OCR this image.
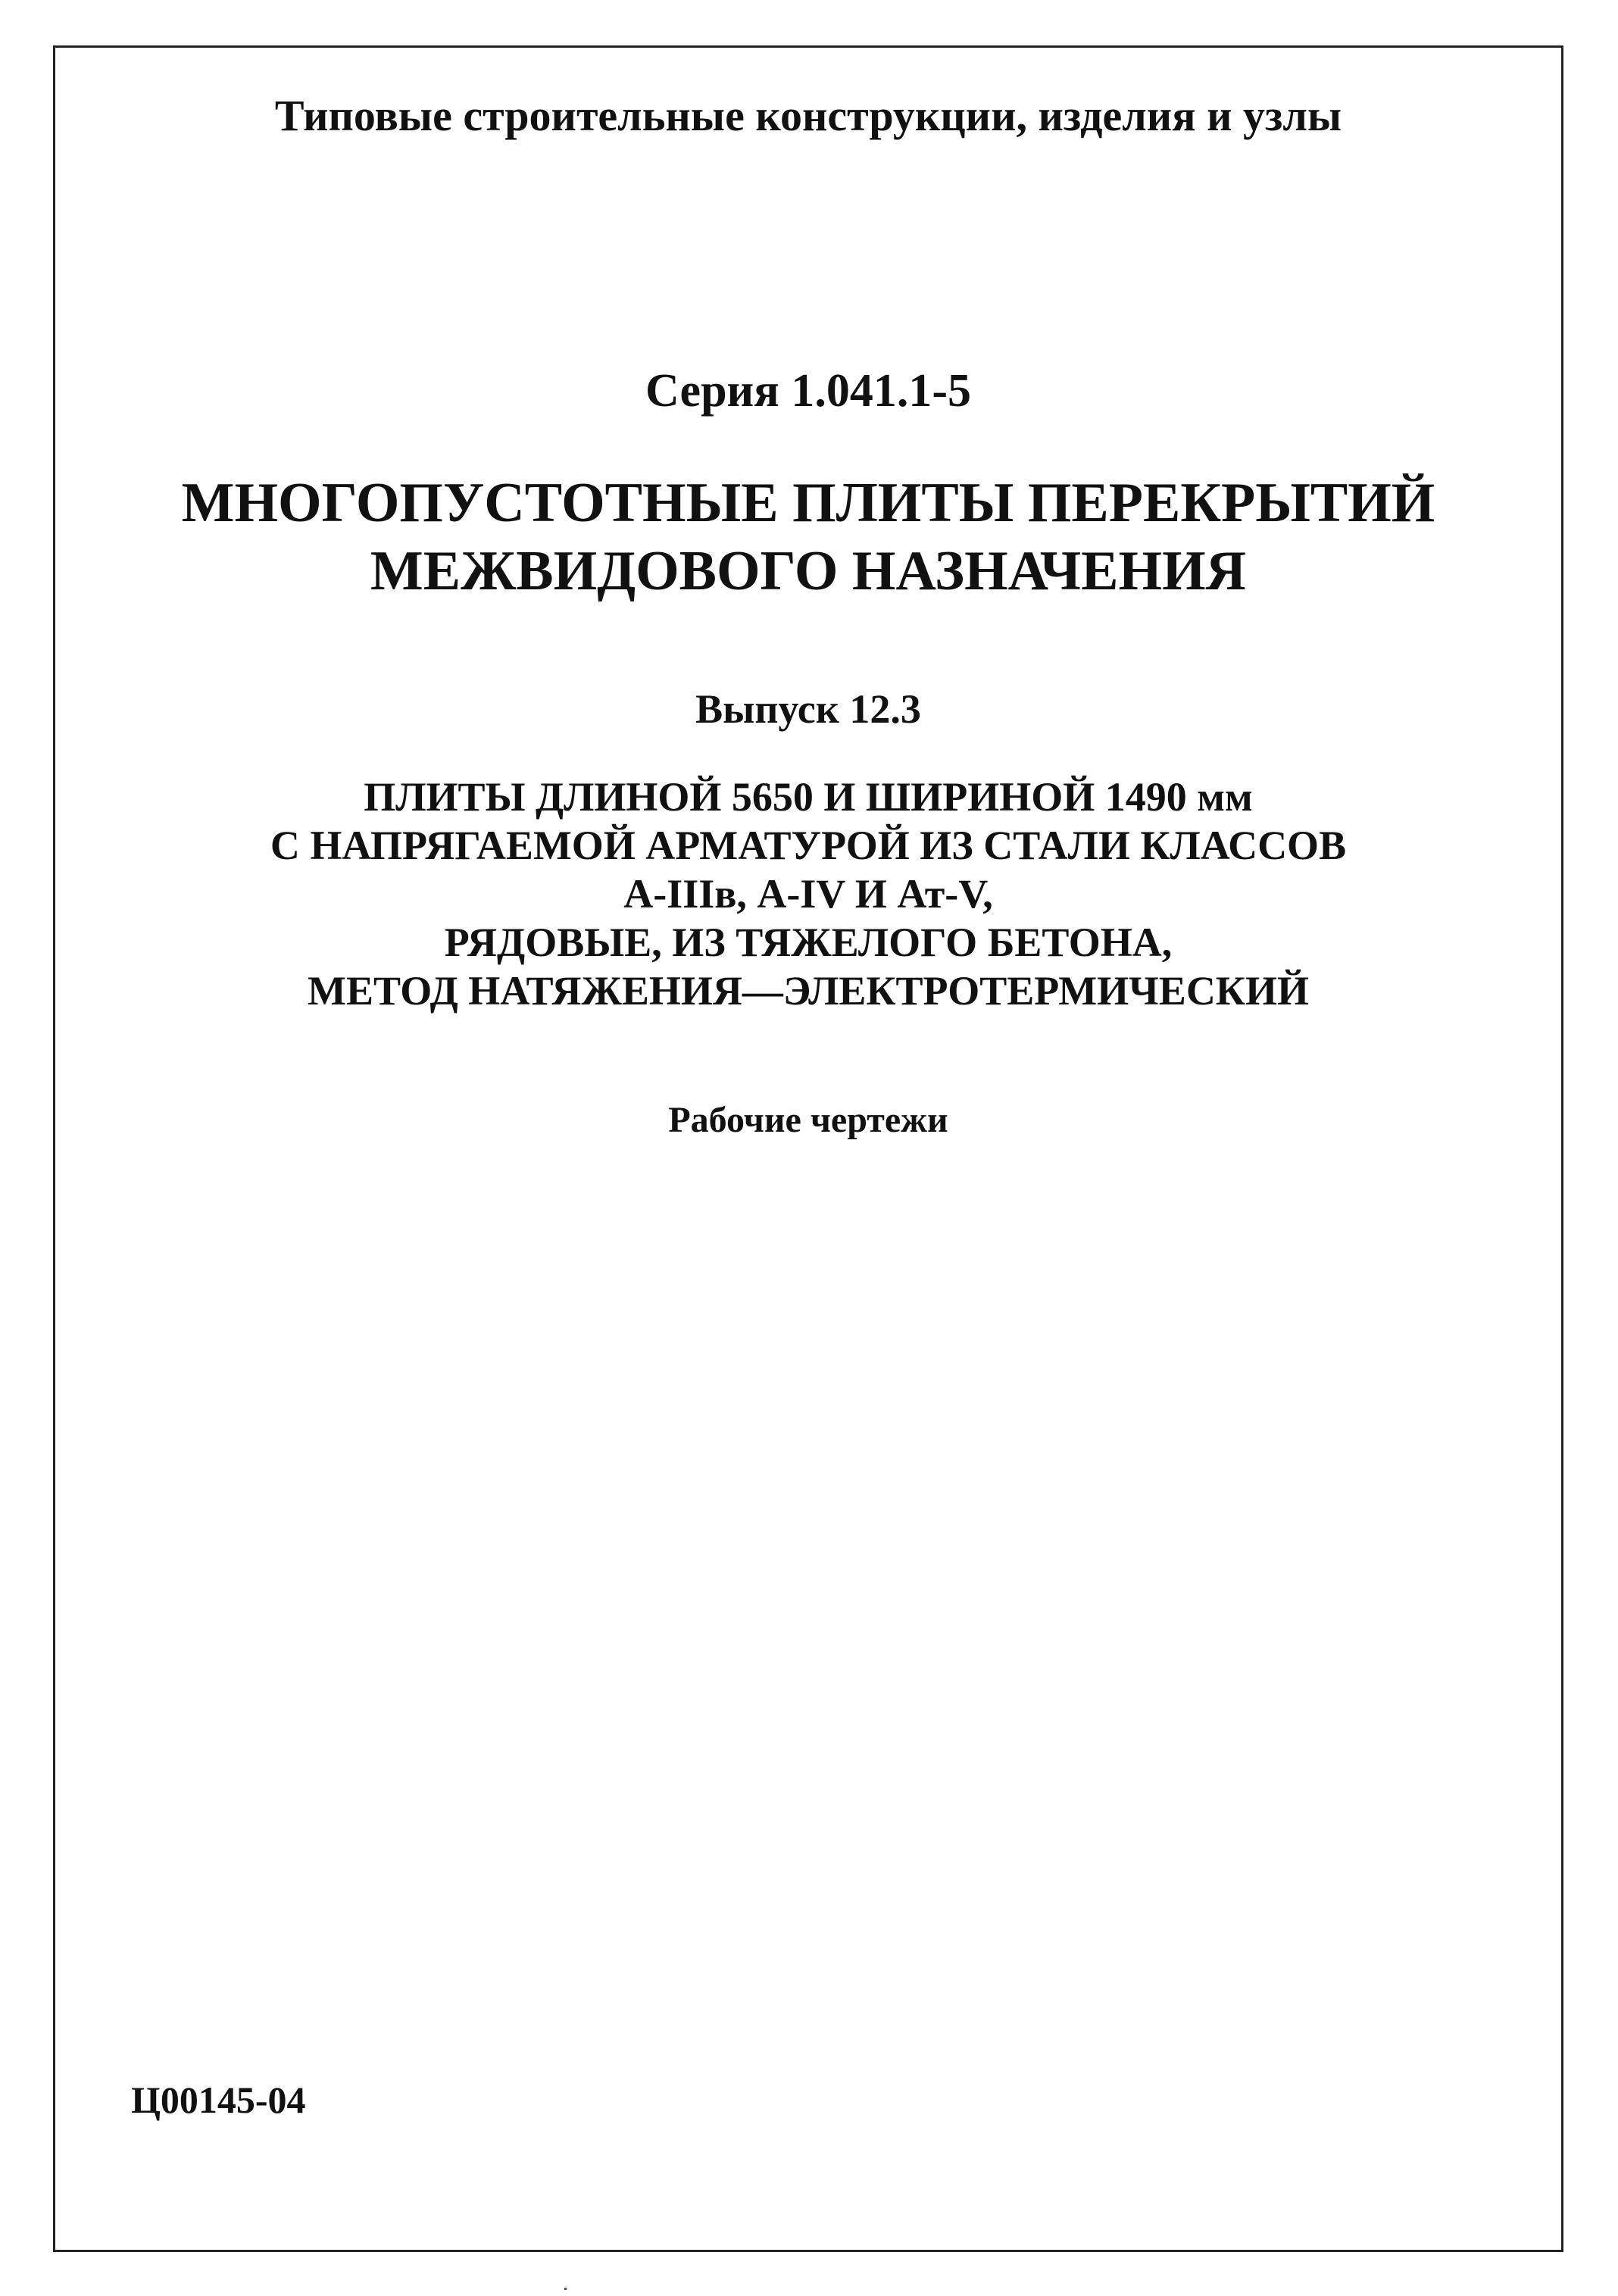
Типовые строительные конструкции, изделия и узлы
Серия 1.041.1-5
МНОГОПУСТОТНЫЕ ПЛИТЫ ПЕРЕКРЫТИЙ
МЕЖВИДОВОГО НАЗНАЧЕНИЯ
Выпуск 12.3
ПЛИТЫ ДЛИНОЙ 5650 И ШИРИНОЙ 1490 мм
С НАПРЯГАЕМОЙ АРМАТУРОЙ ИЗ СТАЛИ КЛАССОВ
А-IIIв, А-IV И Ат-V,
РЯДОВЫЕ, ИЗ ТЯЖЕЛОГО БЕТОНА,
МЕТОД НАТЯЖЕНИЯ—ЭЛЕКТРОТЕРМИЧЕСКИЙ
Рабочие чертежи
Ц00145-04
